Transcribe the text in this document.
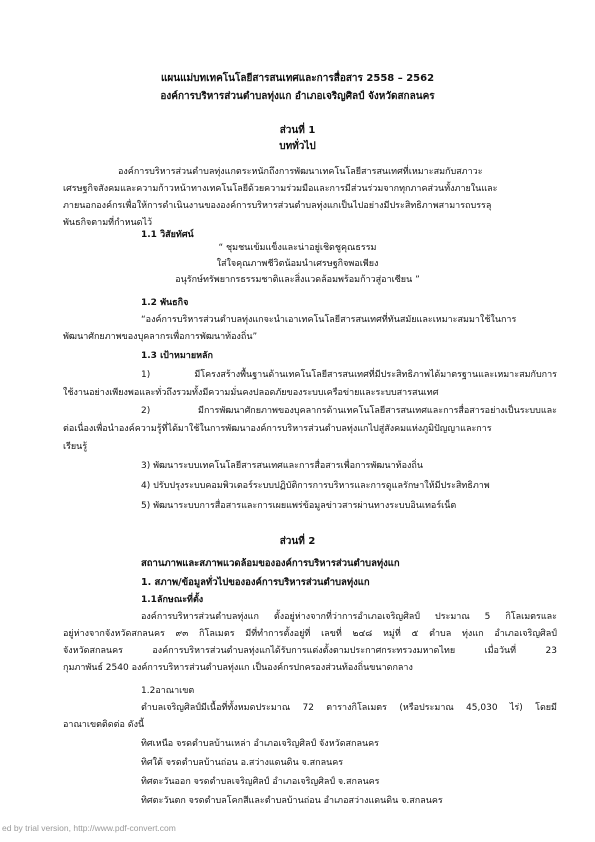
แผนแม่บทเทคโนโลยีสารสนเทศและการสื่อสาร 2558 – 2562
องค์การบริหารส่วนตำบลทุ่งแก อำเภอเจริญศิลป์ จังหวัดสกลนคร
ส่วนที่ 1
บททั่วไป
องค์การบริหารส่วนตำบลทุ่งแกตระหนักถึงการพัฒนาเทคโนโลยีสารสนเทศที่เหมาะสมกับสภาวะ
เศรษฐกิจสังคมและความก้าวหน้าทางเทคโนโลยีด้วยความร่วมมือและการมีส่วนร่วมจากทุกภาคส่วนทั้งภายในและ
ภายนอกองค์กรเพื่อให้การดำเนินงานขององค์การบริหารส่วนตำบลทุ่งแกเป็นไปอย่างมีประสิทธิภาพสามารถบรรลุ
พันธกิจตามที่กำหนดไว้
1.1 วิสัยทัศน์
“ ชุมชนเข้มแข็งและน่าอยู่เชิดชูคุณธรรม
ใส่ใจคุณภาพชีวิตน้อมนำเศรษฐกิจพอเพียง
อนุรักษ์ทรัพยากรธรรมชาติและสิ่งแวดล้อมพร้อมก้าวสู่อาเซียน ”
1.2 พันธกิจ
“องค์การบริหารส่วนตำบลทุ่งแกจะนำเอาเทคโนโลยีสารสนเทศที่ทันสมัยและเหมาะสมมาใช้ในการ
พัฒนาศักยภาพของบุคลากรเพื่อการพัฒนาท้องถิ่น”
1.3 เป้าหมายหลัก
1) มีโครงสร้างพื้นฐานด้านเทคโนโลยีสารสนเทศที่มีประสิทธิภาพได้มาตรฐานและเหมาะสมกับการ
ใช้งานอย่างเพียงพอและทั่วถึงรวมทั้งมีความมั่นคงปลอดภัยของระบบเครือข่ายและระบบสารสนเทศ
2) มีการพัฒนาศักยภาพของบุคลากรด้านเทคโนโลยีสารสนเทศและการสื่อสารอย่างเป็นระบบและ
ต่อเนื่องเพื่อนำองค์ความรู้ที่ได้มาใช้ในการพัฒนาองค์การบริหารส่วนตำบลทุ่งแกไปสู่สังคมแห่งภูมิปัญญาและการ
เรียนรู้
3) พัฒนาระบบเทคโนโลยีสารสนเทศและการสื่อสารเพื่อการพัฒนาท้องถิ่น
4) ปรับปรุงระบบคอมพิวเตอร์ระบบปฏิบัติการการบริหารและการดูแลรักษาให้มีประสิทธิภาพ
5) พัฒนาระบบการสื่อสารและการเผยแพร่ข้อมูลข่าวสารผ่านทางระบบอินเทอร์เน็ต
ส่วนที่ 2
สถานภาพและสภาพแวดล้อมขององค์การบริหารส่วนตำบลทุ่งแก
1. สภาพ/ข้อมูลทั่วไปขององค์การบริหารส่วนตำบลทุ่งแก
1.1ลักษณะที่ตั้ง
องค์การบริหารส่วนตำบลทุ่งแก ตั้งอยู่ห่างจากที่ว่าการอำเภอเจริญศิลป์ ประมาณ 5 กิโลเมตรและ
อยู่ห่างจากจังหวัดสกลนคร ๙๓ กิโลเมตร มีที่ทำการตั้งอยู่ที่ เลขที่ ๒๔๘ หมู่ที่ ๕ ตำบล ทุ่งแก อำเภอเจริญศิลป์
จังหวัดสกลนคร องค์การบริหารส่วนตำบลทุ่งแกได้รับการแต่งตั้งตามประกาศกระทรวงมหาดไทย เมื่อวันที่ 23
กุมภาพันธ์ 2540 องค์การบริหารส่วนตำบลทุ่งแก เป็นองค์กรปกครองส่วนท้องถิ่นขนาดกลาง
1.2อาณาเขต
ตำบลเจริญศิลป์มีเนื้อที่ทั้งหมดประมาณ 72 ตารางกิโลเมตร (หรือประมาณ 45,030 ไร่) โดยมี
อาณาเขตติดต่อ ดังนี้
ทิศเหนือ จรดตำบลบ้านเหล่า อำเภอเจริญศิลป์ จังหวัดสกลนคร
ทิศใต้ จรดตำบลบ้านถ่อน อ.สว่างแดนดิน จ.สกลนคร
ทิศตะวันออก จรดตำบลเจริญศิลป์ อำเภอเจริญศิลป์ จ.สกลนคร
ทิศตะวันตก จรดตำบลโคกสีและตำบลบ้านถ่อน อำเภอสว่างแดนดิน จ.สกลนคร
ed by trial version, http://www.pdf-convert.com
